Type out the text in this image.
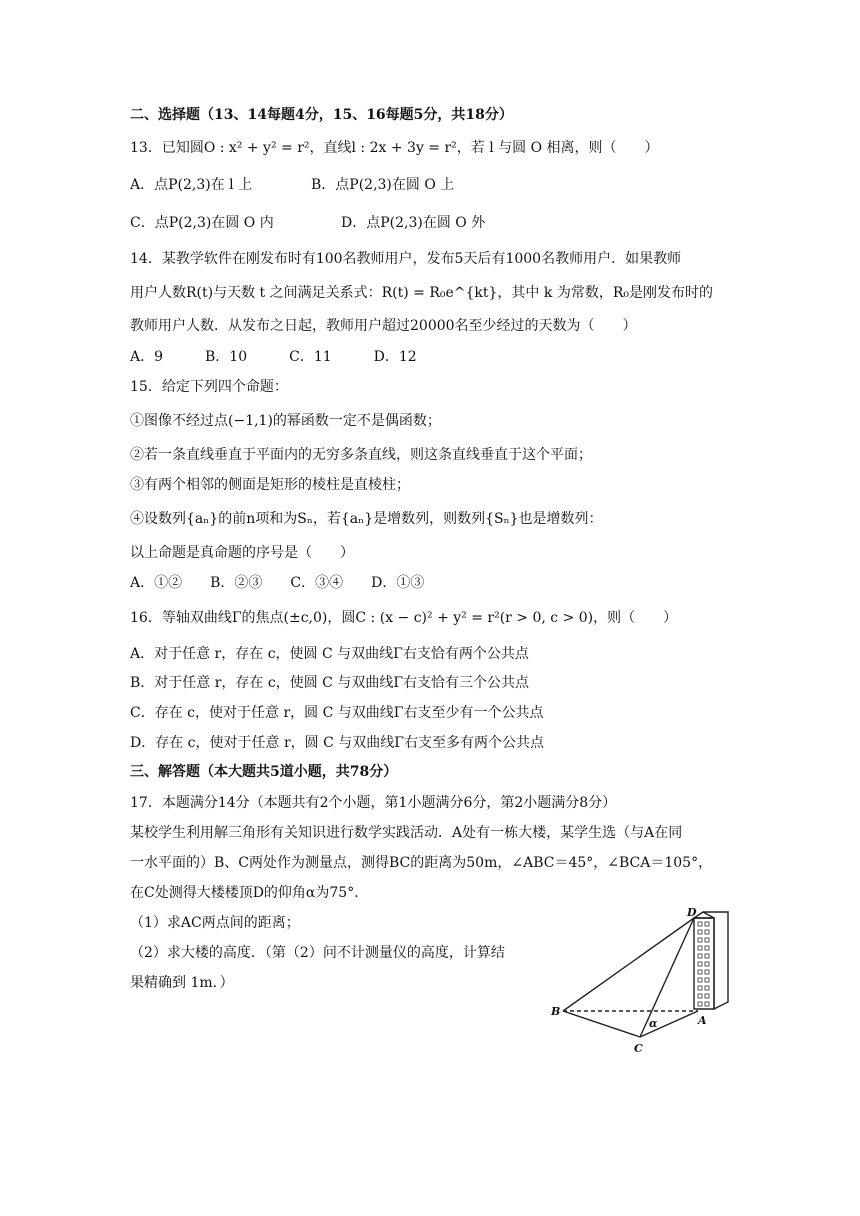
二、选择题（13、14每题4分，15、16每题5分，共18分）
13．已知圆O : x² + y² = r²，直线l : 2x + 3y = r²，若 l 与圆 O 相离，则（　　）
A．点P(2,3)在 l 上	B．点P(2,3)在圆 O 上
C．点P(2,3)在圆 O 内	D．点P(2,3)在圆 O 外
14．某教学软件在刚发布时有100名教师用户，发布5天后有1000名教师用户．如果教师
用户人数R(t)与天数 t 之间满足关系式：R(t) = R₀e^{kt}，其中 k 为常数，R₀是刚发布时的
教师用户人数．从发布之日起，教师用户超过20000名至少经过的天数为（　　）
A．9　　　B．10　　　C．11　　　D．12
15．给定下列四个命题：
①图像不经过点(−1,1)的幂函数一定不是偶函数；
②若一条直线垂直于平面内的无穷多条直线，则这条直线垂直于这个平面；
③有两个相邻的侧面是矩形的棱柱是直棱柱；
④设数列{aₙ}的前n项和为Sₙ，若{aₙ}是增数列，则数列{Sₙ}也是增数列：
以上命题是真命题的序号是（　　）
A．①②　　B．②③　　C．③④　　D．①③
16．等轴双曲线Γ的焦点(±c,0)，圆C : (x − c)² + y² = r²(r > 0, c > 0)，则（　　）
A．对于任意 r，存在 c，使圆 C 与双曲线Γ右支恰有两个公共点
B．对于任意 r，存在 c，使圆 C 与双曲线Γ右支恰有三个公共点
C．存在 c，使对于任意 r，圆 C 与双曲线Γ右支至少有一个公共点
D．存在 c，使对于任意 r，圆 C 与双曲线Γ右支至多有两个公共点
三、解答题（本大题共5道小题，共78分）
17．本题满分14分（本题共有2个小题，第1小题满分6分，第2小题满分8分）
某校学生利用解三角形有关知识进行数学实践活动．A处有一栋大楼，某学生选（与A在同
一水平面的）B、C两处作为测量点，测得BC的距离为50m，∠ABC＝45°，∠BCA＝105°，
在C处测得大楼楼顶D的仰角α为75°．
（1）求AC两点间的距离；
（2）求大楼的高度．（第（2）问不计测量仪的高度，计算结
果精确到 1m．）
D
B
A
C
α
